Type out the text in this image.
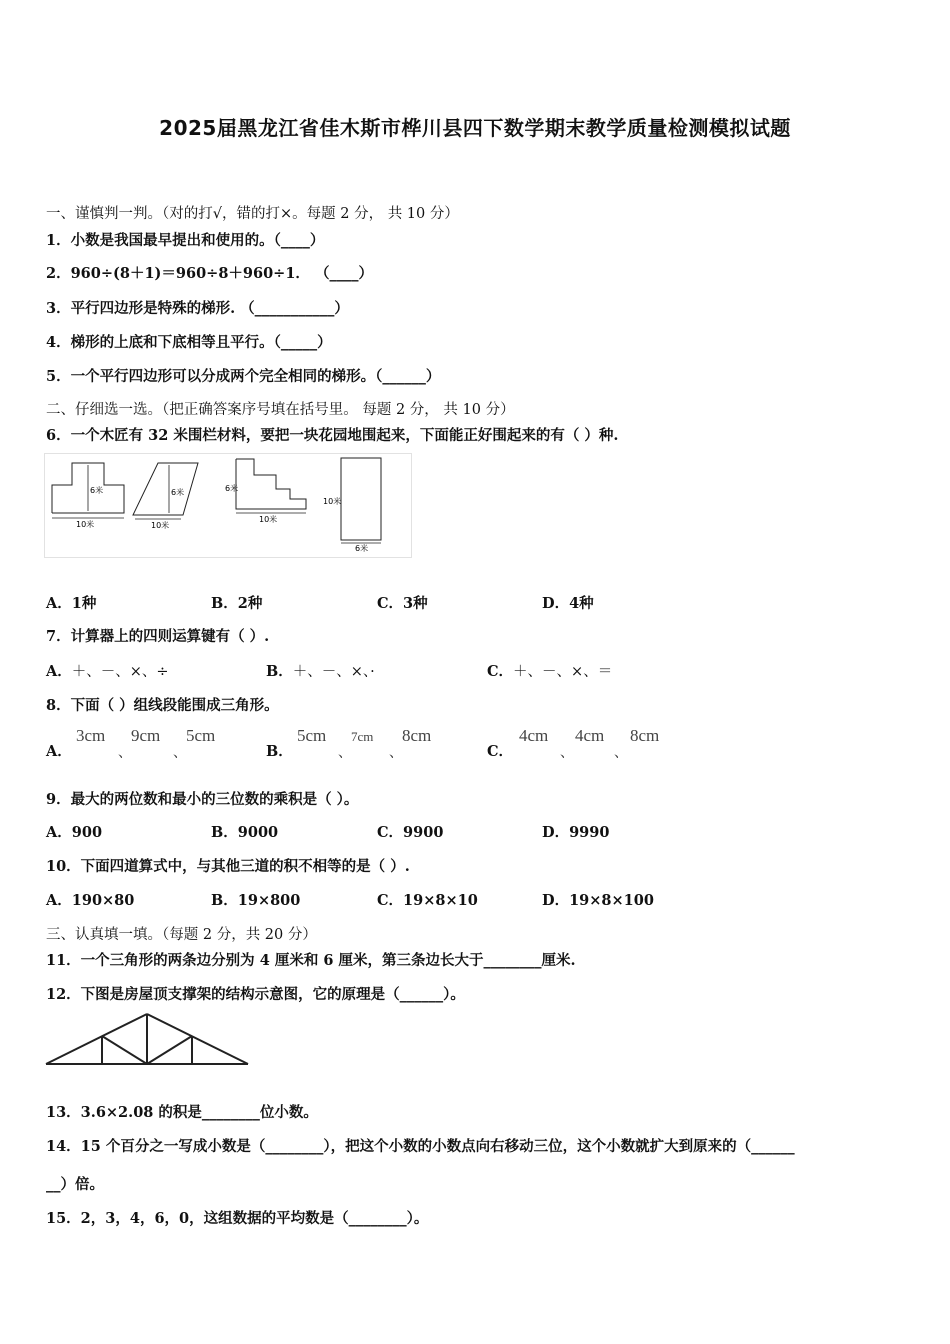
2025届黑龙江省佳木斯市桦川县四下数学期末教学质量检测模拟试题
一、谨慎判一判。（对的打√，错的打×。每题 2 分， 共 10 分）
1．小数是我国最早提出和使用的。（____）
2．960÷(8＋1)＝960÷8＋960÷1． （____）
3．平行四边形是特殊的梯形. （___________）
4．梯形的上底和下底相等且平行。（_____）
5．一个平行四边形可以分成两个完全相同的梯形。（______）
二、仔细选一选。（把正确答案序号填在括号里。 每题 2 分， 共 10 分）
6．一个木匠有 32 米围栏材料，要把一块花园地围起来，下面能正好围起来的有（ ）种.
6米
10米
6米
10米
6米
10米
10米
6米
A．1种	B．2种	C．3种	D．4种
7．计算器上的四则运算键有（ ）.
A．＋、－、×、÷	B．＋、－、×、·	C．＋、－、×、＝
8．下面（ ）组线段能围成三角形。
A．
3cm
、
9cm
、
5cm
B．
5cm
、
7cm
、
8cm
C．
4cm
、
4cm
、
8cm
9．最大的两位数和最小的三位数的乘积是（ ）。
A．900	B．9000	C．9900	D．9990
10．下面四道算式中，与其他三道的积不相等的是（ ）.
A．190×80	B．19×800	C．19×8×10	D．19×8×100
三、认真填一填。（每题 2 分，共 20 分）
11．一个三角形的两条边分别为 4 厘米和 6 厘米，第三条边长大于________厘米.
12．下图是房屋顶支撑架的结构示意图，它的原理是（______）。
13．3.6×2.08 的积是________位小数。
14．15 个百分之一写成小数是（________），把这个小数的小数点向右移动三位，这个小数就扩大到原来的（______
__）倍。
15．2，3，4，6，0，这组数据的平均数是（________）。
